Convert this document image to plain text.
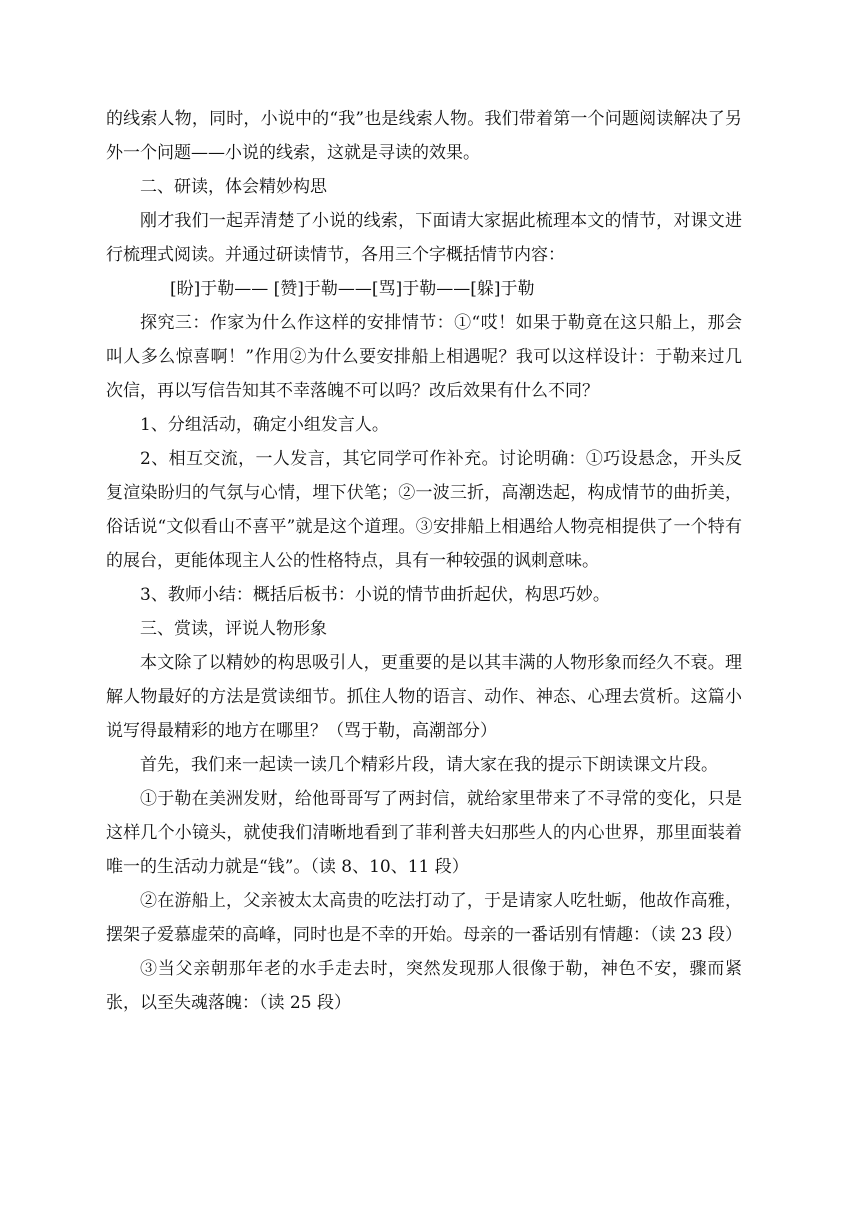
的线索人物，同时，小说中的“我”也是线索人物。我们带着第一个问题阅读解决了另外一个问题——小说的线索，这就是寻读的效果。

二、研读，体会精妙构思

刚才我们一起弄清楚了小说的线索，下面请大家据此梳理本文的情节，对课文进行梳理式阅读。并通过研读情节，各用三个字概括情节内容：

[盼]于勒—— [赞]于勒——[骂]于勒——[躲]于勒

探究三：作家为什么作这样的安排情节：①“哎！如果于勒竟在这只船上，那会叫人多么惊喜啊！”作用②为什么要安排船上相遇呢？我可以这样设计：于勒来过几次信，再以写信告知其不幸落魄不可以吗？改后效果有什么不同？

1、分组活动，确定小组发言人。

2、相互交流，一人发言，其它同学可作补充。讨论明确：①巧设悬念，开头反复渲染盼归的气氛与心情，埋下伏笔；②一波三折，高潮迭起，构成情节的曲折美，俗话说“文似看山不喜平”就是这个道理。③安排船上相遇给人物亮相提供了一个特有的展台，更能体现主人公的性格特点，具有一种较强的讽刺意味。

3、教师小结：概括后板书：小说的情节曲折起伏，构思巧妙。

三、赏读，评说人物形象

本文除了以精妙的构思吸引人，更重要的是以其丰满的人物形象而经久不衰。理解人物最好的方法是赏读细节。抓住人物的语言、动作、神态、心理去赏析。这篇小说写得最精彩的地方在哪里？（骂于勒，高潮部分）

首先，我们来一起读一读几个精彩片段，请大家在我的提示下朗读课文片段。

①于勒在美洲发财，给他哥哥写了两封信，就给家里带来了不寻常的变化，只是这样几个小镜头，就使我们清晰地看到了菲利普夫妇那些人的内心世界，那里面装着唯一的生活动力就是“钱”。（读 8、10、11 段）

②在游船上，父亲被太太高贵的吃法打动了，于是请家人吃牡蛎，他故作高雅，摆架子爱慕虚荣的高峰，同时也是不幸的开始。母亲的一番话别有情趣：（读 23 段）

③当父亲朝那年老的水手走去时，突然发现那人很像于勒，神色不安，骤而紧张，以至失魂落魄：（读 25 段）
